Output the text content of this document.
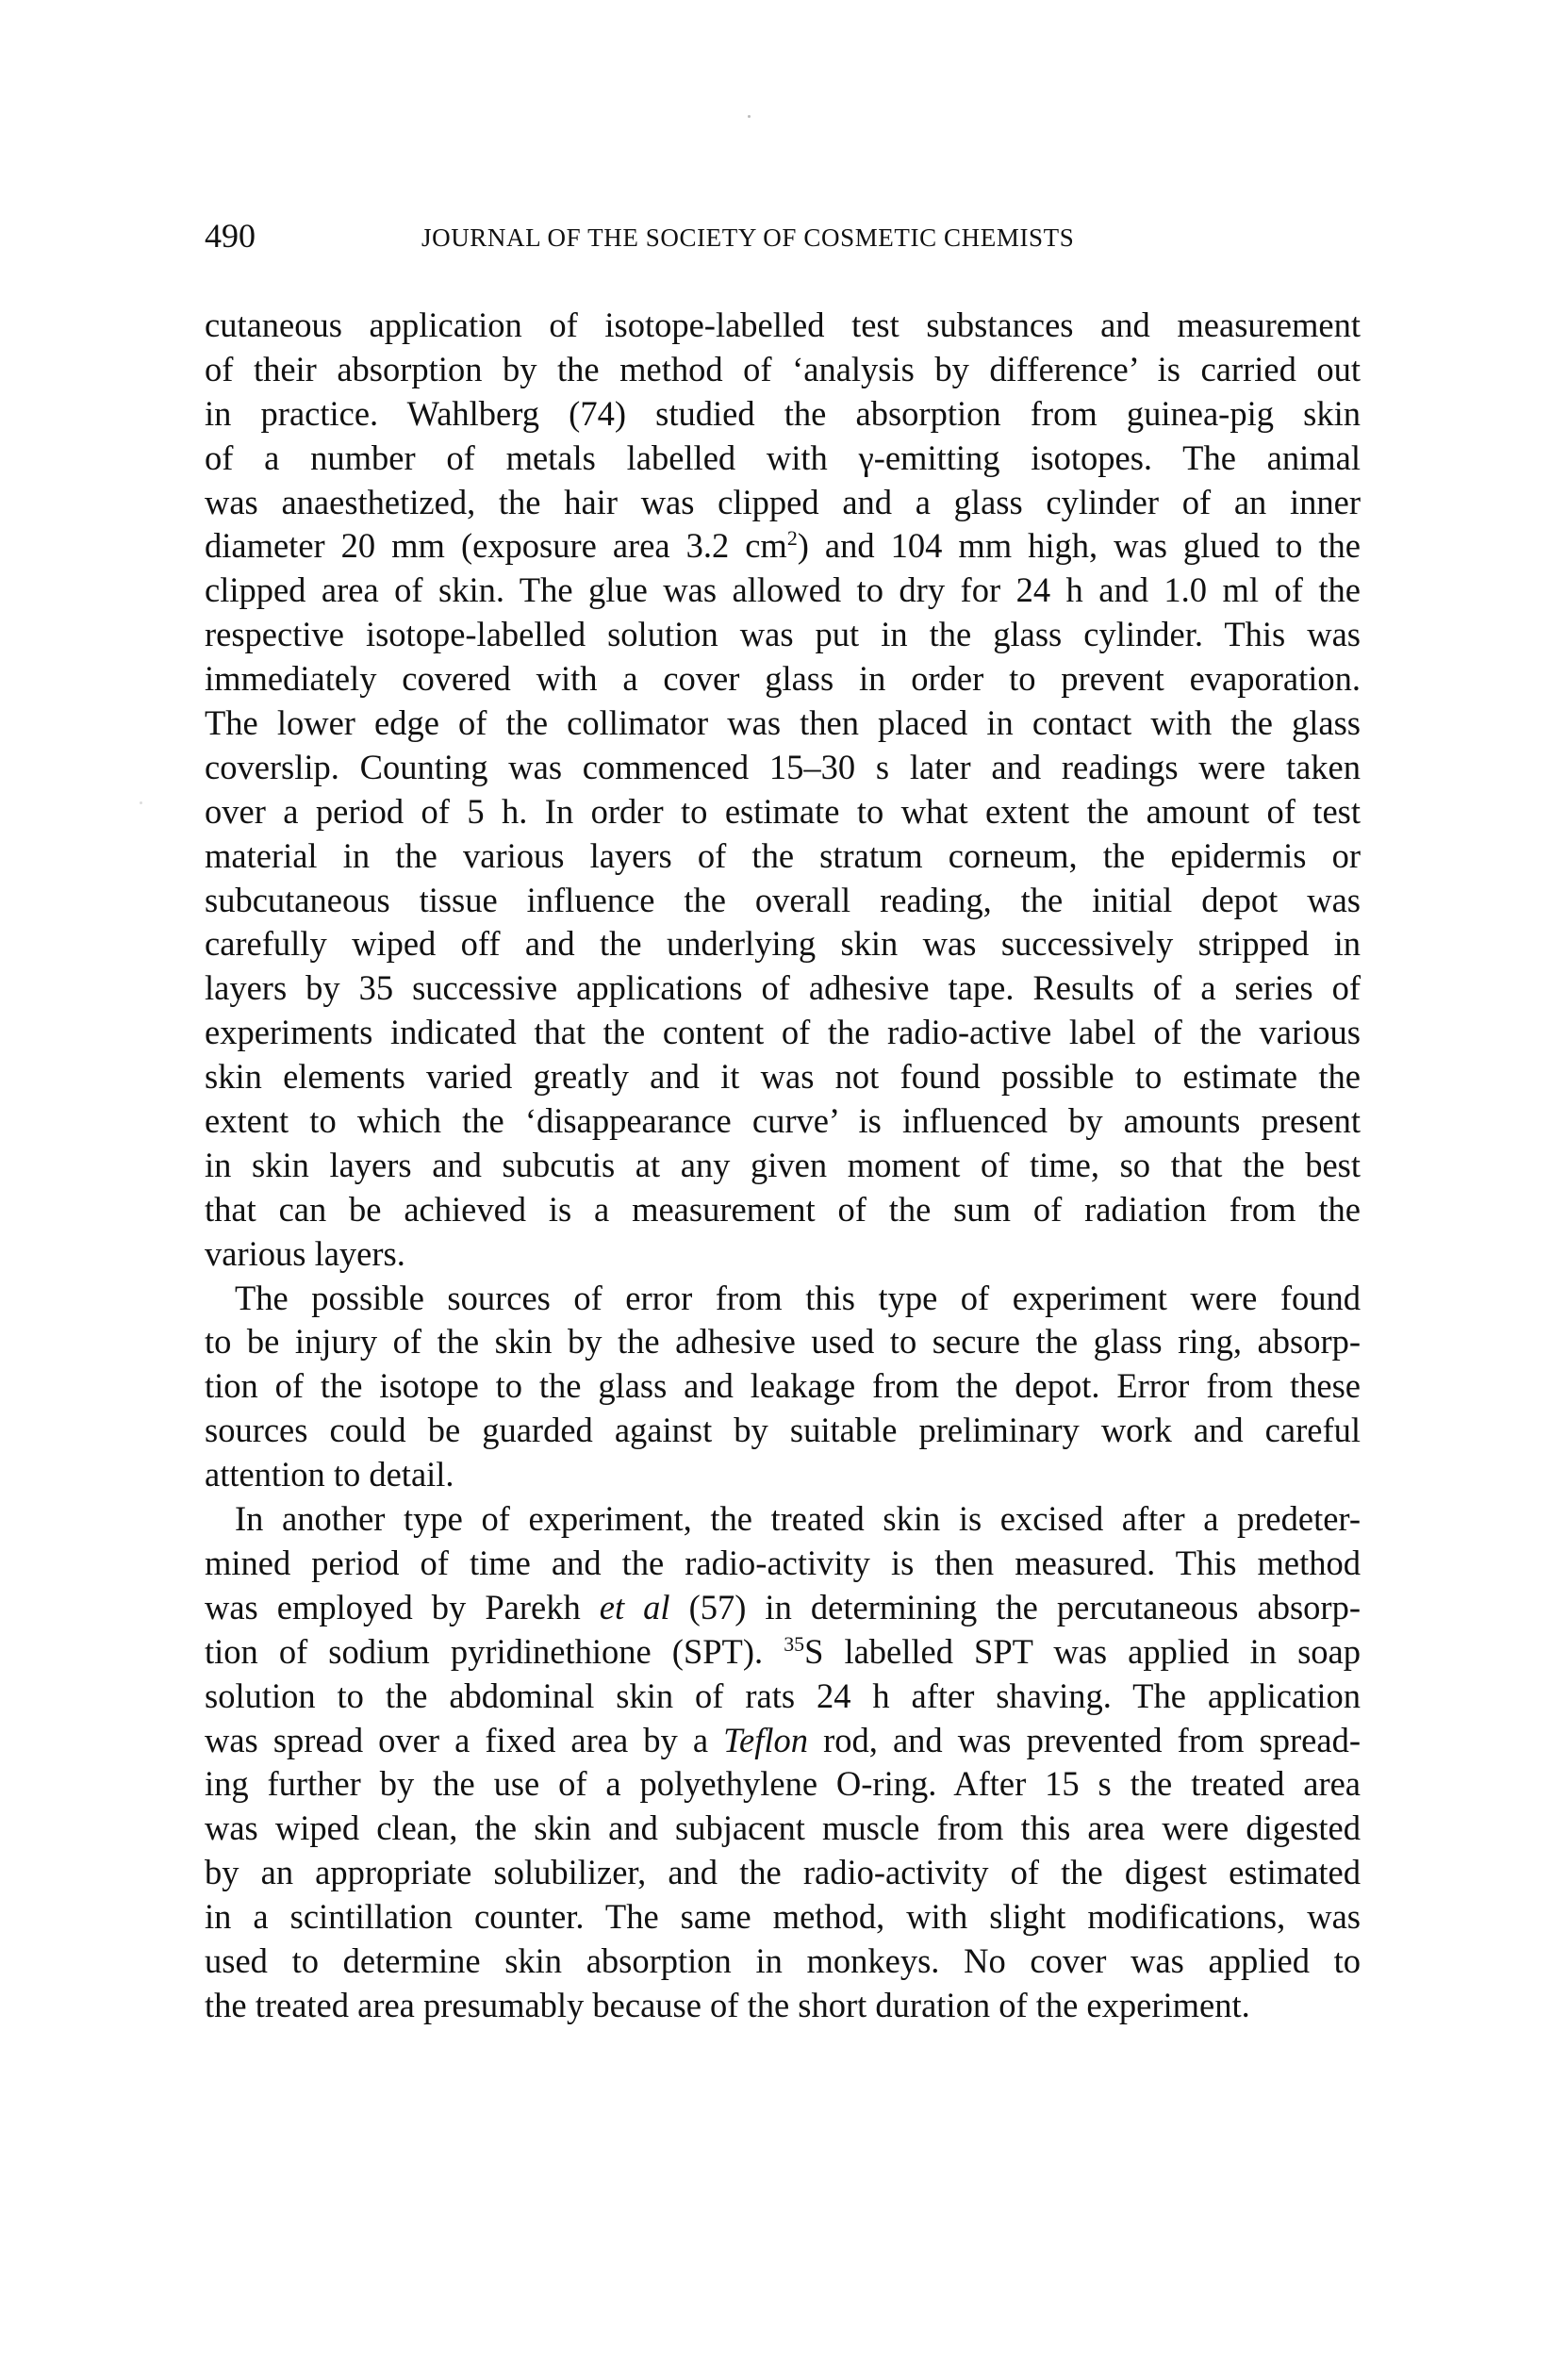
490	JOURNAL OF THE SOCIETY OF COSMETIC CHEMISTS
cutaneous application of isotope-labelled test substances and measurement
of their absorption by the method of ‘analysis by difference’ is carried out
in practice. Wahlberg (74) studied the absorption from guinea-pig skin
of a number of metals labelled with γ-emitting isotopes. The animal
was anaesthetized, the hair was clipped and a glass cylinder of an inner
diameter 20 mm (exposure area 3.2 $cm^2$) and 104 mm high, was glued to the
clipped area of skin. The glue was allowed to dry for 24 h and 1.0 ml of the
respective isotope-labelled solution was put in the glass cylinder. This was
immediately covered with a cover glass in order to prevent evaporation.
The lower edge of the collimator was then placed in contact with the glass
coverslip. Counting was commenced 15–30 s later and readings were taken
over a period of 5 h. In order to estimate to what extent the amount of test
material in the various layers of the stratum corneum, the epidermis or
subcutaneous tissue influence the overall reading, the initial depot was
carefully wiped off and the underlying skin was successively stripped in
layers by 35 successive applications of adhesive tape. Results of a series of
experiments indicated that the content of the radio-active label of the various
skin elements varied greatly and it was not found possible to estimate the
extent to which the ‘disappearance curve’ is influenced by amounts present
in skin layers and subcutis at any given moment of time, so that the best
that can be achieved is a measurement of the sum of radiation from the
various layers.
The possible sources of error from this type of experiment were found
to be injury of the skin by the adhesive used to secure the glass ring, absorp-
tion of the isotope to the glass and leakage from the depot. Error from these
sources could be guarded against by suitable preliminary work and careful
attention to detail.
In another type of experiment, the treated skin is excised after a predeter-
mined period of time and the radio-activity is then measured. This method
was employed by Parekh et al (57) in determining the percutaneous absorp-
tion of sodium pyridinethione (SPT). $^{35}$S labelled SPT was applied in soap
solution to the abdominal skin of rats 24 h after shaving. The application
was spread over a fixed area by a Teflon rod, and was prevented from spread-
ing further by the use of a polyethylene O-ring. After 15 s the treated area
was wiped clean, the skin and subjacent muscle from this area were digested
by an appropriate solubilizer, and the radio-activity of the digest estimated
in a scintillation counter. The same method, with slight modifications, was
used to determine skin absorption in monkeys. No cover was applied to
the treated area presumably because of the short duration of the experiment.
